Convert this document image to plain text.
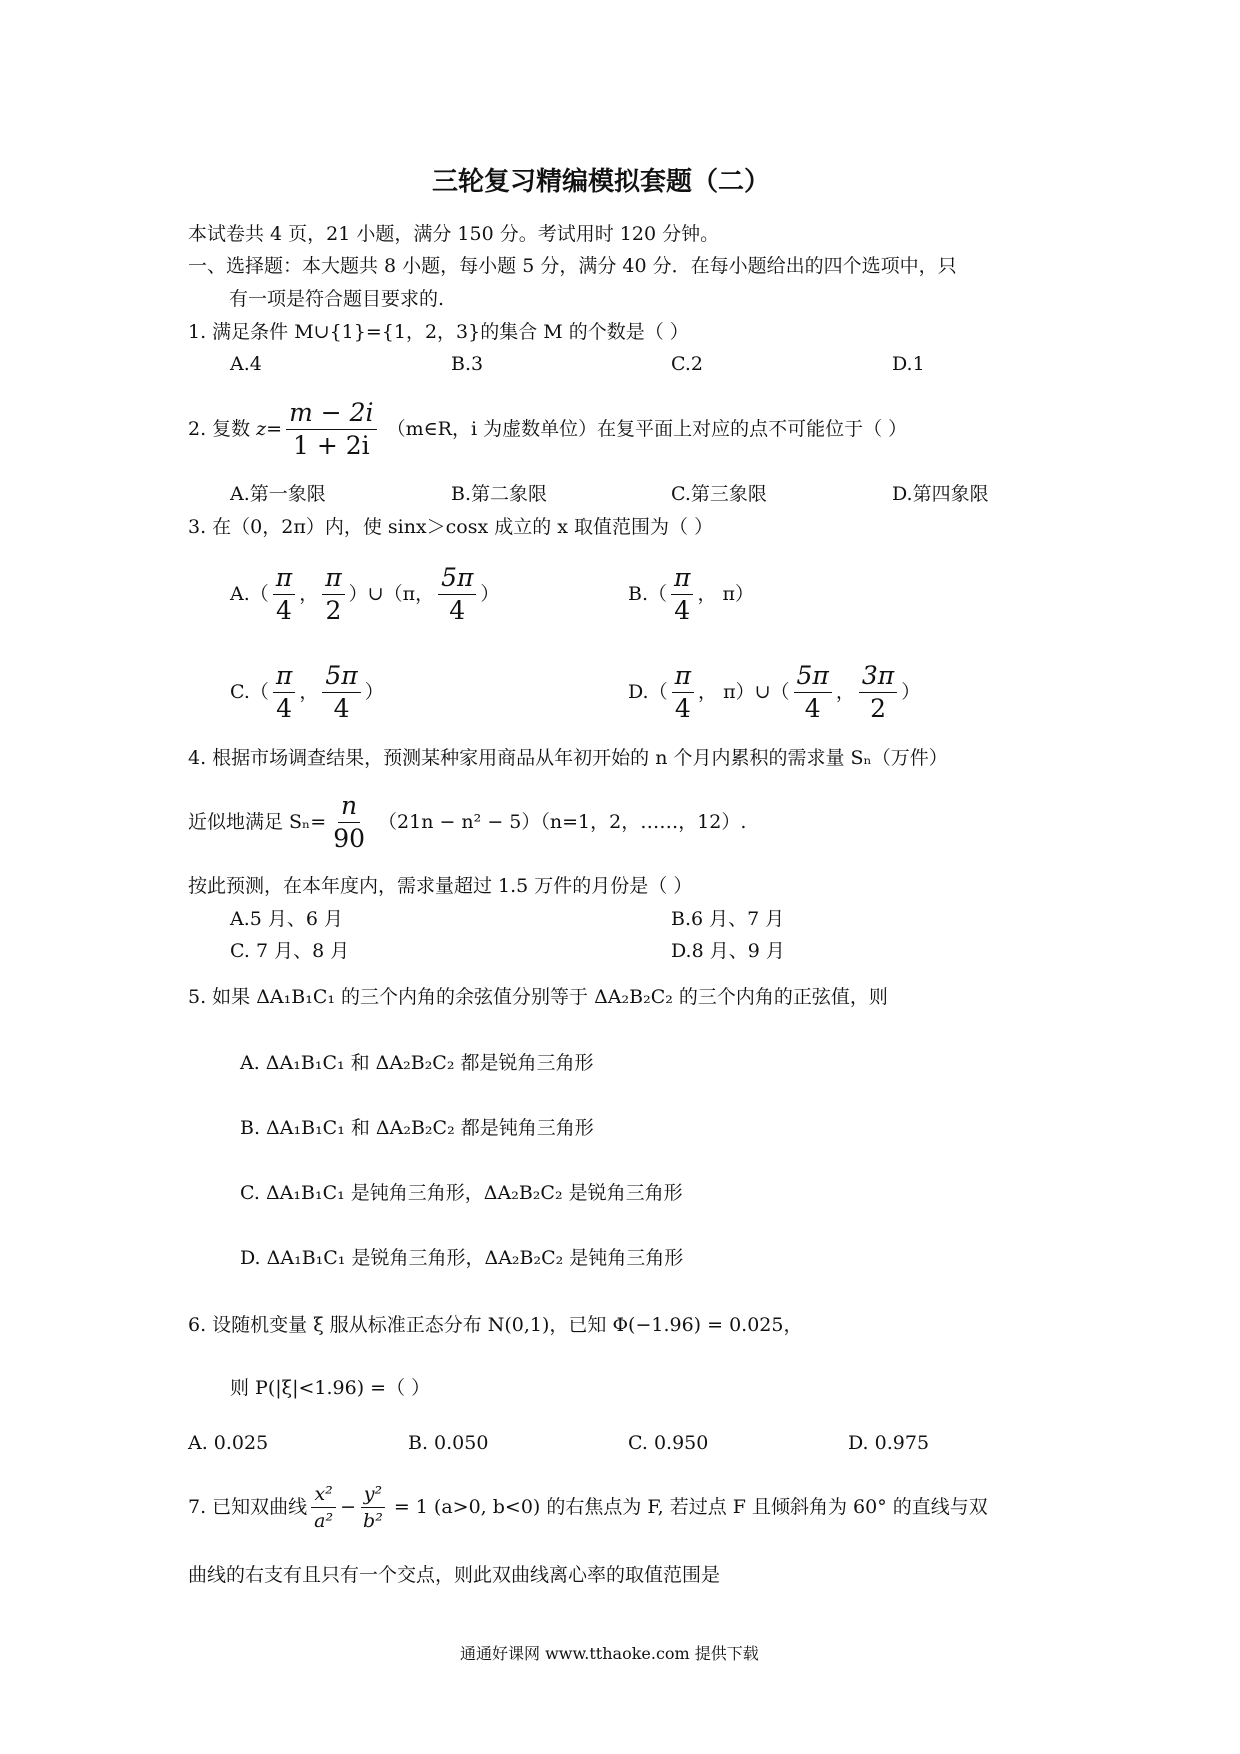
三轮复习精编模拟套题（二）
本试卷共 4 页，21 小题，满分 150 分。考试用时 120 分钟。
一、选择题：本大题共 8 小题，每小题 5 分，满分 40 分．在每小题给出的四个选项中，只
有一项是符合题目要求的.
1. 满足条件 M∪{1}={1，2，3}的集合 M 的个数是（ ）
A.4	B.3	C.2	D.1
2. 复数 $z= \frac{m - 2i}{1 + 2i}$ （m∈R，i 为虚数单位）在复平面上对应的点不可能位于（ ）
A.第一象限	B.第二象限	C.第三象限	D.第四象限
3. 在（0，2π）内，使 sinx＞cosx 成立的 x 取值范围为（ ）
$A.( \frac{\pi}{4}$ ， $\frac{\pi}{2}$ ）∪（π， $\frac{5\pi}{4}$ ）	$B.( \frac{\pi}{4}$ ， π）
$C.( \frac{\pi}{4}$ ， $\frac{5\pi}{4}$ ）	$D.( \frac{\pi}{4}$ ， π）∪（ $\frac{5\pi}{4}$ ， $\frac{3\pi}{2}$ ）
4. 根据市场调查结果，预测某种家用商品从年初开始的 n 个月内累积的需求量 Sₙ（万件）
近似地满足 $S_n= \frac{n}{90} (21n - n^2 - 5)(n=1$，2，……，12）.
按此预测，在本年度内，需求量超过 1.5 万件的月份是（ ）
A.5 月、6 月	B.6 月、7 月
C. 7 月、8 月	D.8 月、9 月
5. 如果 ΔA₁B₁C₁ 的三个内角的余弦值分别等于 ΔA₂B₂C₂ 的三个内角的正弦值，则
A. ΔA₁B₁C₁ 和 ΔA₂B₂C₂ 都是锐角三角形
B. ΔA₁B₁C₁ 和 ΔA₂B₂C₂ 都是钝角三角形
C. ΔA₁B₁C₁ 是钝角三角形，ΔA₂B₂C₂ 是锐角三角形
D. ΔA₁B₁C₁ 是锐角三角形，ΔA₂B₂C₂ 是钝角三角形
6. 设随机变量 ξ 服从标准正态分布 N(0,1)，已知 Φ(−1.96) = 0.025，
则 P(|ξ|<1.96) =（ ）
A. 0.025	B. 0.050	C. 0.950	D. 0.975
7. 已知双曲线 $\frac{\text{x²}}{\text{a²}} - \frac{\text{y²}}{\text{b²}} = 1$ (a>0, b<0) 的右焦点为 F, 若过点 F 且倾斜角为 60° 的直线与双
曲线的右支有且只有一个交点，则此双曲线离心率的取值范围是
通通好课网 www.tthaoke.com 提供下载
